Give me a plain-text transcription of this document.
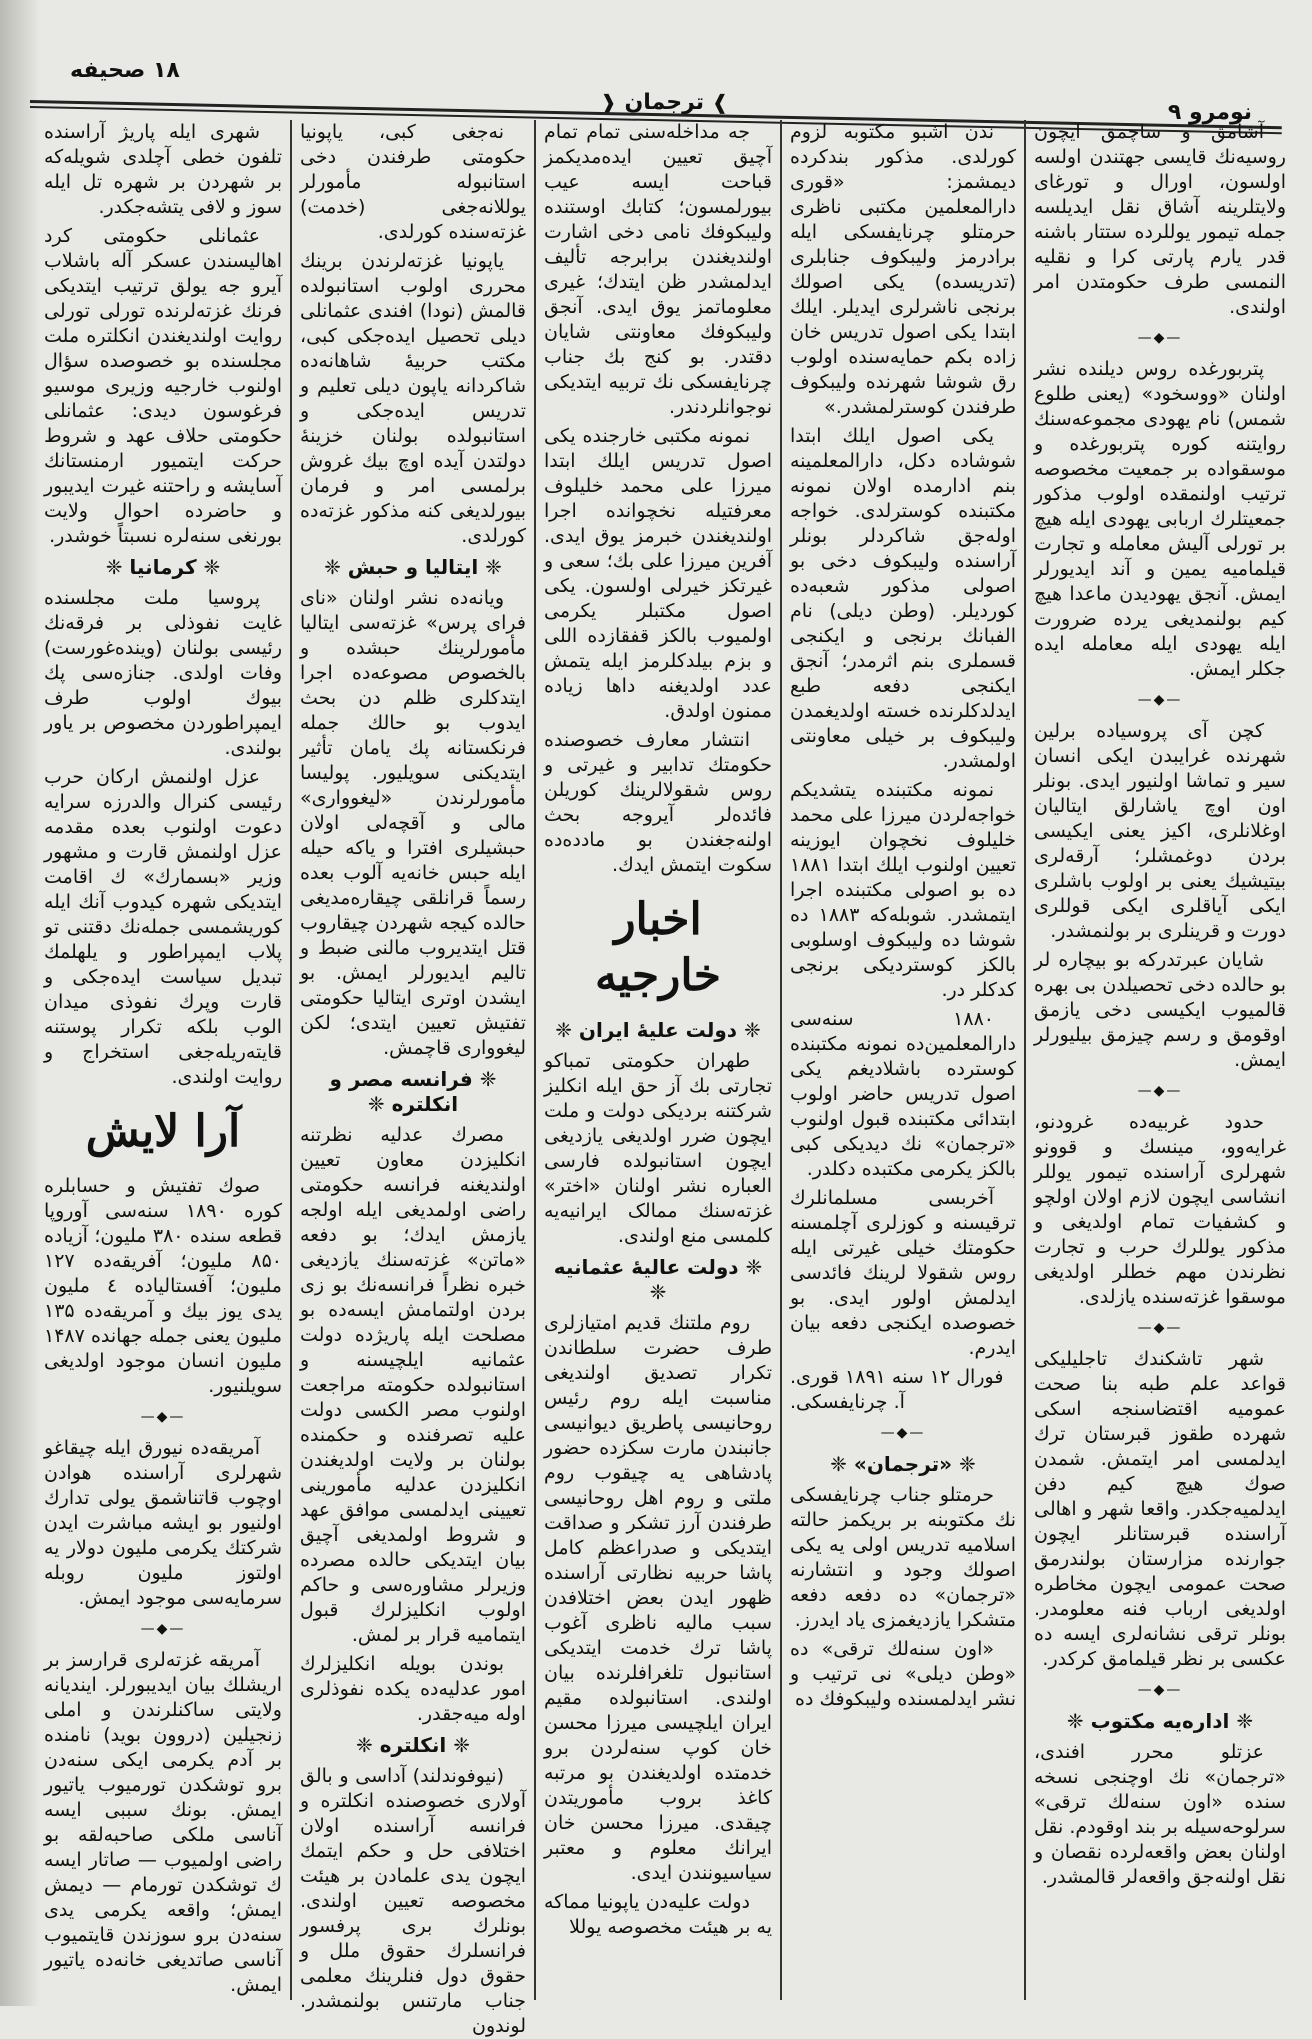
۱۸ صحیفه
❱ ترجمان ❰	نومرو ۹

آشامق و ساچمق ایچون روسیه‌نك قایسی جهتندن اولسه اولسون، اورال و تورغای ولایتلرینه آشاق نقل ایدیلسه جمله تیمور یوللرده ستتار باشنه قدر یارم پارتی کرا و نقلیه النمسی طرف حکومتدن امر اولندی.

—◆—

پتربورغده روس دیلنده نشر اولنان «ووسخود» (یعنی طلوع شمس) نام یهودی مجموعه‌سنك روایتنه کوره پتربورغده و موسقواده بر جمعیت مخصوصه ترتیب اولنمقده اولوب مذکور جمعیتلرك اربابی یهودی ایله هیچ بر تورلی آلیش معامله و تجارت قیلمامیه یمین و آند ایدیورلر ایمش. آنجق یهودیدن ماعدا هیچ کیم بولنمدیغی یرده ضرورت ایله یهودی ایله معامله ایده جکلر ایمش.

—◆—

کچن آی پروسیاده برلین شهرنده غرایبدن ایکی انسان سیر و تماشا اولنیور ایدی. بونلر اون اوچ یاشارلق ایتالیان اوغلانلری، اکیز یعنی ایکیسی بردن دوغمشلر؛ آرقه‌لری بیتیشیك یعنی بر اولوب باشلری ایکی آیاقلری ایکی قوللری دورت و قرینلری بر بولنمشدر.

شایان عبرتدرکه بو بیچاره لر بو حالده دخی تحصیلدن بی بهره قالمیوب ایکیسی دخی یازمق اوقومق و رسم چیزمق بیلیورلر ایمش.

—◆—

حدود غربیه‌ده غرودنو، غرایه‌وو، مینسك و قوونو شهرلری آراسنده تیمور یوللر انشاسی ایچون لازم اولان اولچو و کشفیات تمام اولدیغی و مذکور یوللرك حرب و تجارت نظرندن مهم خطلر اولدیغی موسقوا غزته‌سنده یازلدی.

—◆—

شهر تاشکندك تاجلیلیکی قواعد علم طبه بنا صحت عمومیه اقتضاسنجه اسکی شهرده طقوز قبرستان ترك ایدلمسی امر ایتمش. شمدن صوك هیچ کیم دفن ایدلمیه‌جکدر. واقعا شهر و اهالی آراسنده قبرستانلر ایچون جوارنده مزارستان بولندرمق صحت عمومی ایچون مخاطره اولدیغی ارباب فنه معلومدر. بونلر ترقی نشانه‌لری ایسه ده عکسی بر نظر قیلمامق کرکدر.

—◆—
❈ اداره‌یه مکتوب ❈

عزتلو محرر افندی، «ترجمان» نك اوچنجی نسخه سنده «اون سنه‌لك ترقی» سرلوحه‌سیله بر بند اوقودم. نقل اولنان بعض واقعه‌لرده نقصان و نقل اولنه‌جق واقعه‌لر قالمشدر.

ندن اشبو مکتوبه لزوم کورلدی. مذکور بندکرده دیمشمز: «قوری دارالمعلمین مکتبی ناظری حرمتلو چرنایفسکی ایله برادرمز ولیبکوف جنابلری (تدریسده) یکی اصولك برنجی ناشرلری ایدیلر. ایلك ابتدا یکی اصول تدریس خان زاده بکم حمایه‌سنده اولوب رق شوشا شهرنده ولیبکوف طرفندن کوسترلمشدر.»

یکی اصول ایلك ابتدا شوشاده دکل، دارالمعلمینه بنم ادارمده اولان نمونه مکتبنده کوسترلدی. خواجه اولەجق شاکردلر بونلر آراسنده ولیبکوف دخی بو اصولی مذکور شعبه‌ده کوردیلر. (وطن دیلی) نام الفبانك برنجی و ایکنجی قسملری بنم اثرمدر؛ آنجق ایکنجی دفعه طبع ایدلدکلرنده خسته اولدیغمدن ولیبکوف بر خیلی معاونتی اولمشدر.

نمونه مکتبنده یتشدیکم خواجه‌لردن میرزا علی محمد خلیلوف نخچوان ایوزینه تعیین اولنوب ایلك ابتدا ۱۸۸۱ ده بو اصولی مکتبنده اجرا ایتمشدر. شوبله‌که ۱۸۸۳ ده شوشا ده ولیبکوف اوسلوبی بالکز کوستردیکی برنجی کدکلر در.

۱۸۸۰ سنه‌سی دارالمعلمین‌ده نمونه مکتبنده کوسترده باشلادیغم یکی اصول تدریس حاضر اولوب ابتدائی مکتبنده قبول اولنوب «ترجمان» نك دیدیکی کبی بالکز یکرمی مکتبده دکلدر.

آخربسی مسلمانلرك ترقیسنه و کوزلری آچلمسنه حکومتك خیلی غیرتی ایله روس شقولا لرینك فائدسی ایدلمش اولور ایدی. بو خصوصده ایکنجی دفعه بیان ایدرم.

فورال ۱۲ سنه ۱۸۹۱ قوری. آ. چرنایفسکی.

—◆—
❈ «ترجمان» ❈

حرمتلو جناب چرنایفسکی نك مکتوبنه بر بریکمز حالته اسلامیه تدریس اولی یه یکی اصولك وجود و انتشارنه «ترجمان» ده دفعه دفعه متشکرا یازدیغمزی یاد ایدرز.

«اون سنه‌لك ترقی» ده «وطن دیلی» نی ترتیب و نشر ایدلمسنده ولیبکوفك ده

جه مداخله‌سنی تمام تمام آچیق تعیین ایده‌مدیکمز قباحت ایسه عیب بیورلمسون؛ کتابك اوستنده ولیبکوفك نامی دخی اشارت اولندیغندن برابرجه تألیف ایدلمشدر ظن ایتدك؛ غیری معلوماتمز یوق ایدی. آنجق ولیبکوفك معاونتی شایان دقتدر. بو کنج بك جناب چرنایفسکی نك تربیه ایتدیکی نوجوانلردندر.

نمونه مکتبی خارجنده یکی اصول تدریس ایلك ابتدا میرزا علی محمد خلیلوف معرفتیله نخچوانده اجرا اولندیغندن خبرمز یوق ایدی. آفرین میرزا علی بك؛ سعی و غیرتکز خیرلی اولسون. یکی اصول مکتبلر یکرمی اولمیوب بالکز قفقازده اللی و بزم بیلدکلرمز ایله یتمش عدد اولدیغنه داها زیاده ممنون اولدق.

انتشار معارف خصوصنده حکومتك تدابیر و غیرتی و روس شقولالرینك کوریلن فائده‌لر آیروجه بحث اولنه‌جغندن بو مادده‌ده سکوت ایتمش ایدك.

اخبار خارجیه
❈ دولت علیهٔ ایران ❈

طهران حکومتی تمباکو تجارتی بك آز حق ایله انکلیز شرکتنه بردیکی دولت و ملت ایچون ضرر اولدیغی یازدیغی ایچون استانبولده فارسی العباره نشر اولنان «اختر» غزته‌سنك ممالک ایرانیه‌یه کلمسی منع اولندی.

❈ دولت عالیهٔ عثمانیه ❈

روم ملتنك قدیم امتیازلری طرف حضرت سلطاندن تکرار تصدیق اولندیغی مناسبت ایله روم رئیس روحانیسی پاطریق دیوانیسی جانبندن مارت سکزده حضور پادشاهی یه چیقوب روم ملتی و روم اهل روحانیسی طرفندن آرز تشکر و صداقت ایتدیکی و صدراعظم کامل پاشا حربیه نظارتی آراسنده ظهور ایدن بعض اختلافدن سبب مالیه ناظری آغوب پاشا ترك خدمت ایتدیکی استانبول تلغرافلرنده بیان اولندی. استانبولده مقیم ایران ایلچیسی میرزا محسن خان کوپ سنه‌لردن برو خدمتده اولدیغندن بو مرتبه کاغذ بروب مأموریتدن چیقدی. میرزا محسن خان ایرانك معلوم و معتبر سیاسیونندن ایدی.

دولت علیه‌دن یاپونیا مماکه یه بر هیئت مخصوصه یوللا

نه‌جغی کبی، یاپونیا حکومتی طرفندن دخی استانبوله مأمورلر یوللانه‌جغی (خدمت) غزته‌سنده کورلدی.

یاپونیا غزته‌لرندن برینك محرری اولوب استانبولده قالمش (نودا) افندی عثمانلی دیلی تحصیل ایده‌جکی کبی، مکتب حربیهٔ شاهانه‌ده شاکردانه یاپون دیلی تعلیم و تدریس ایده‌جکی و استانبولده بولنان خزینهٔ دولتدن آیده اوچ بیك غروش برلمسی امر و فرمان بیورلدیغی کنه مذکور غزته‌ده کورلدی.

❈ ایتالیا و حبش ❈

ویانه‌ده نشر اولنان «نای فرای پرس» غزته‌سی ایتالیا مأمورلرینك حبشده و بالخصوص مصوعه‌ده اجرا ایتدکلری ظلم دن بحث ایدوب بو حالك جمله فرنکستانه پك یامان تأثیر ایتدیکنی سویلیور. پولیسا مأمورلرندن «لیغوواری» مالی و آقچه‌لی اولان حبشیلری افترا و یاکه حیله ایله حبس خانه‌یه آلوب بعده رسماً قرانلقی چیقاره‌مدیغی حالده کیجه شهردن چیقاروب قتل ایتدیروب مالنی ضبط و تالیم ایدیورلر ایمش. بو ایشدن اوتری ایتالیا حکومتی تفتیش تعیین ایتدی؛ لکن لیغوواری قاچمش.

❈ فرانسه مصر و انکلتره ❈

مصرك عدلیه نظرتنه انکلیزدن معاون تعیین اولندیغنه فرانسه حکومتی راضی اولمدیغی ایله اولجه یازمش ایدك؛ بو دفعه «ماتن» غزته‌سنك یازدیغی خبره نظراً فرانسه‌نك بو زی بردن اولتمامش ایسه‌ده بو مصلحت ایله پاریژده دولت عثمانیه ایلچیسنه و استانبولده حکومته مراجعت اولنوب مصر الکسی دولت علیه تصرفنده و حکمنده بولنان بر ولایت اولدیغندن انکلیزدن عدلیه مأمورینی تعیینی ایدلمسی موافق عهد و شروط اولمدیغی آچیق بیان ایتدیکی حالده مصرده وزیرلر مشاوره‌سی و حاکم اولوب انکلیزلرك قبول ایتمامیه قرار بر لمش.

بوندن بویله انکلیزلرك امور عدلیه‌ده یکده نفوذلری اوله میه‌جقدر.

❈ انکلتره ❈

(نیوفوندلند) آداسی و بالق آولاری خصوصنده انکلتره و فرانسه آراسنده اولان اختلافی حل و حکم ایتمك ایچون یدی علمادن بر هیئت مخصوصه تعیین اولندی. بونلرك بری پرفسور فرانسلرك حقوق ملل و حقوق دول فنلرینك معلمی جناب مارتنس بولنمشدر. لوندون

شهری ایله پاریژ آراسنده تلفون خطی آچلدی شویله‌که بر شهردن بر شهره تل ایله سوز و لافی یتشه‌جکدر.

عثمانلی حکومتی کرد اهالیسندن عسکر آله باشلاب آیرو جه یولق ترتیب ایتدیکی فرنك غزته‌لرنده تورلی تورلی روایت اولندیغندن انکلتره ملت مجلسنده بو خصوصده سؤال اولنوب خارجیه وزیری موسیو فرغوسون دیدی: عثمانلی حکومتی حلاف عهد و شروط حرکت ایتمیور ارمنستانك آسایشه و راحتنه غیرت ایدیبور و حاضرده احوال ولایت بورنغی سنه‌لره نسبتاً خوشدر.

❈ کرمانیا ❈

پروسیا ملت مجلسنده غایت نفوذلی بر فرقه‌نك رئیسی بولنان (وینده‌غورست) وفات اولدی. جنازه‌سی پك بیوك اولوب طرف ایمپراطوردن مخصوص بر یاور بولندی.

عزل اولنمش ارکان حرب رئیسی کنرال والدرزه سرایه دعوت اولنوب بعده مقدمه عزل اولنمش قارت و مشهور وزیر «بسمارك» ك اقامت ایتدیکی شهره کیدوب آنك ایله کوریشمسی جمله‌نك دقتنی تو پلاب ایمپراطور و یلهلمك تبدیل سیاست ایده‌جکی و قارت وپرك نفوذی میدان الوب بلکه تکرار پوستنه قایته‌ریله‌جغی استخراج و روایت اولندی.

آرا لایش

صوك تفتیش و حسابلره کوره ۱۸۹۰ سنه‌سی آوروپا قطعه سنده ۳۸۰ ملیون؛ آزیاده ۸۵۰ ملیون؛ آفریقه‌ده ۱۲۷ ملیون؛ آفستالیاده ٤ ملیون یدی یوز بیك و آمریقه‌ده ۱۳۵ ملیون یعنی جمله جهانده ۱۴۸۷ ملیون انسان موجود اولدیغی سویلنیور.

—◆—

آمریقه‌ده نیورق ایله چیقاغو شهرلری آراسنده هوادن اوچوب قاتناشمق یولی تدارك اولنیور بو ایشه مباشرت ایدن شرکتك یکرمی ملیون دولار یه‌ اولتوز ملیون روبله سرمایه‌سی موجود ایمش.

—◆—

آمریقه غزته‌لری قرارسز بر اریشلك بیان ایدیبورلر. ایندیانه ولایتی ساکنلرندن و املی زنجیلین (دروون بوید) نامنده بر آدم یکرمی ایکی سنه‌دن برو توشکدن تورمیوب یاتیور ایمش. بونك سببی ایسه آناسی ملکی صاحبه‌لقه بو راضی اولمیوب — صاتار ایسه ك توشکدن تورمام — دیمش ایمش؛ واقعه یکرمی یدی سنه‌دن برو سوزندن قایتمیوب آناسی صاتدیغی خانه‌ده یاتیور ایمش.
